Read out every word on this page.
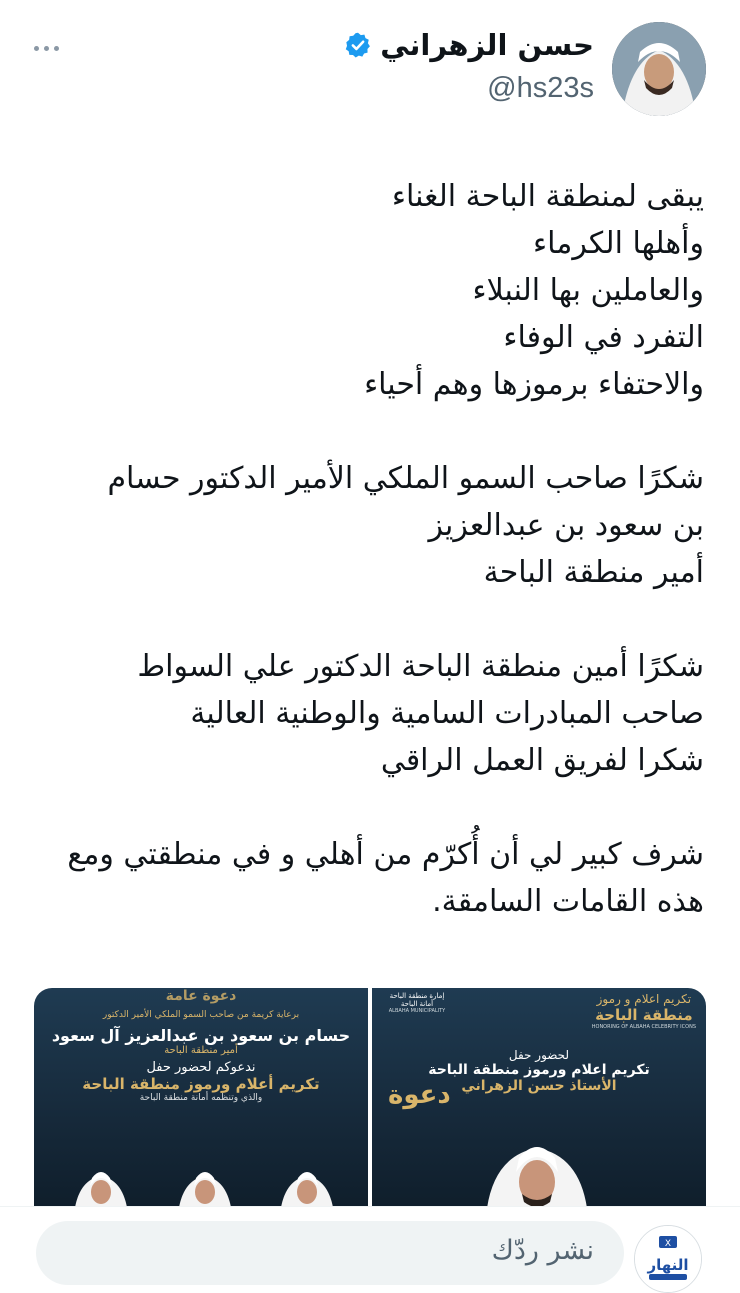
حسن الزهراني
@hs23s
يبقى لمنطقة الباحة الغناء
وأهلها الكرماء
والعاملين بها النبلاء
التفرد في الوفاء
والاحتفاء برموزها وهم أحياء
شكرًا صاحب السمو الملكي الأمير الدكتور حسام
بن سعود بن عبدالعزيز
أمير منطقة الباحة
شكرًا أمين منطقة الباحة الدكتور علي السواط
صاحب المبادرات السامية والوطنية العالية
شكرا لفريق العمل الراقي
شرف كبير لي أن أُكرّم من أهلي و في منطقتي ومع
هذه القامات السامقة.
دعوة عامة
برعاية كريمة من صاحب السمو الملكي الأمير الدكتور
حسام بن سعود بن عبدالعزيز آل سعود
أمير منطقة الباحة
ندعوكم لحضور حفل
تكريم أعلام ورموز منطقة الباحة
والذي وتنظمه أمانة منطقة الباحة
تكريم اعلام و رموز
منطقة الباحة
HONORING OF ALBAHA CELEBRITY ICONS
إمارة منطقة الباحة
أمانة الباحة
ALBAHA MUNICIPALITY
لحضور حفل
تكريم اعلام ورموز منطقة الباحة
الأستاذ حسن الزهراني
دعوة
نشر ردّك	X
النهار
